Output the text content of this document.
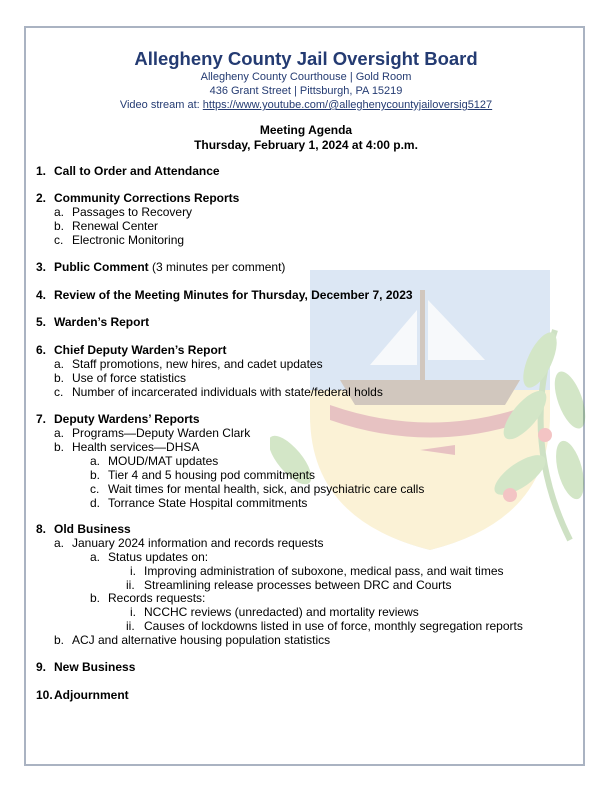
Allegheny County Jail Oversight Board
Allegheny County Courthouse | Gold Room
436 Grant Street | Pittsburgh, PA 15219
Video stream at: https://www.youtube.com/@alleghenycountyjailoversig5127
Meeting Agenda
Thursday, February 1, 2024 at 4:00 p.m.
1. Call to Order and Attendance
2. Community Corrections Reports
a. Passages to Recovery
b. Renewal Center
c. Electronic Monitoring
3. Public Comment (3 minutes per comment)
4. Review of the Meeting Minutes for Thursday, December 7, 2023
5. Warden’s Report
6. Chief Deputy Warden’s Report
a. Staff promotions, new hires, and cadet updates
b. Use of force statistics
c. Number of incarcerated individuals with state/federal holds
7. Deputy Wardens’ Reports
a. Programs—Deputy Warden Clark
b. Health services—DHSA
a. MOUD/MAT updates
b. Tier 4 and 5 housing pod commitments
c. Wait times for mental health, sick, and psychiatric care calls
d. Torrance State Hospital commitments
8. Old Business
a. January 2024 information and records requests
a. Status updates on:
i. Improving administration of suboxone, medical pass, and wait times
ii. Streamlining release processes between DRC and Courts
b. Records requests:
i. NCCHC reviews (unredacted) and mortality reviews
ii. Causes of lockdowns listed in use of force, monthly segregation reports
b. ACJ and alternative housing population statistics
9. New Business
10. Adjournment
